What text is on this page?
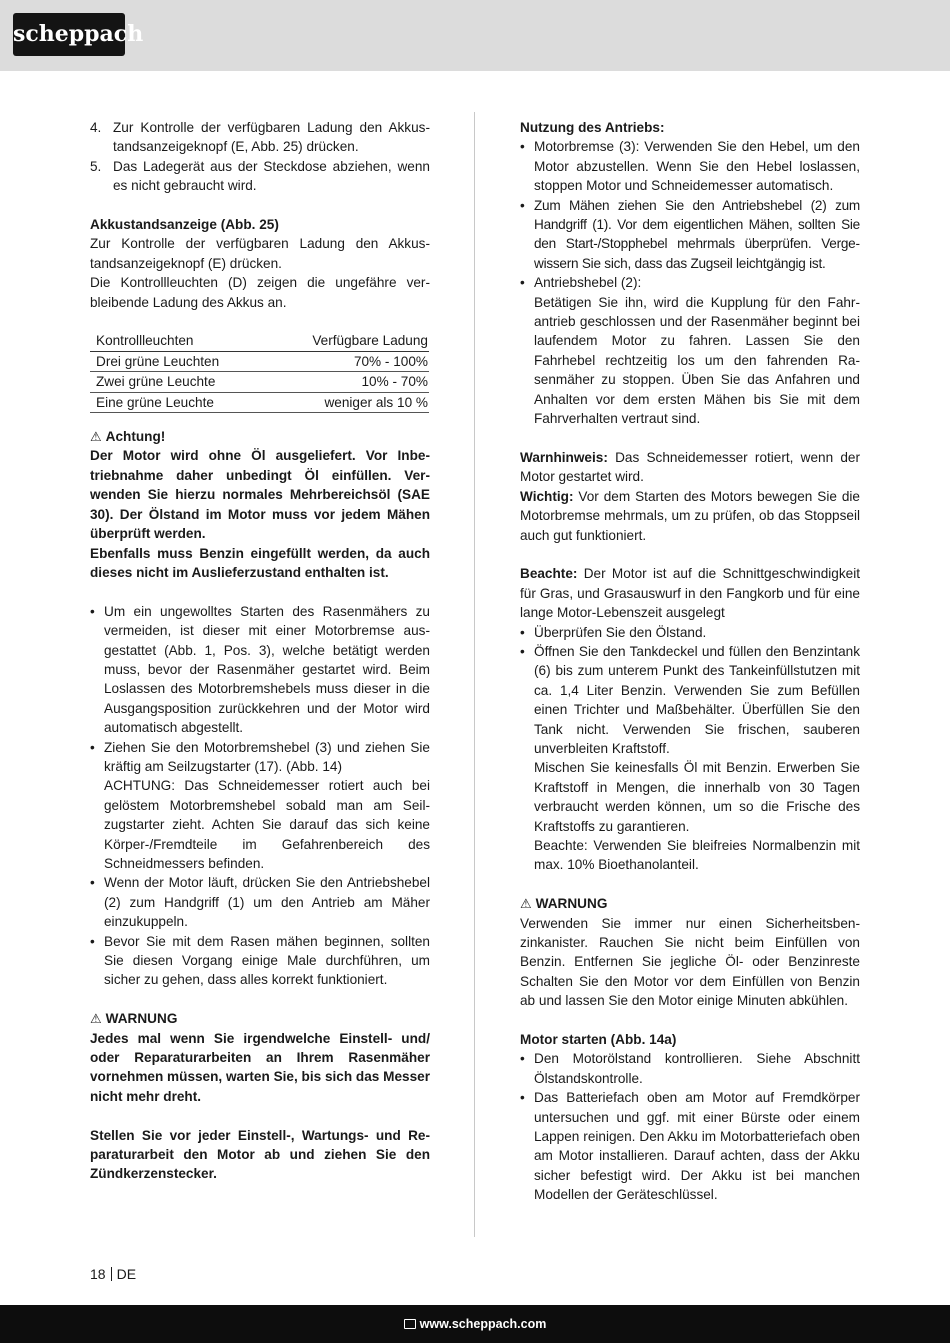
scheppach
4. Zur Kontrolle der verfügbaren Ladung den Akkustandsanzeigeknopf (E, Abb. 25) drücken.
5. Das Ladegerät aus der Steckdose abziehen, wenn es nicht gebraucht wird.

Akkustandsanzeige (Abb. 25)

Zur Kontrolle der verfügbaren Ladung den Akkustandsanzeigeknopf (E) drücken.

Die Kontrollleuchten (D) zeigen die ungefähre verbleibende Ladung des Akkus an.

Kontrollleuchten	Verfügbare Ladung
Drei grüne Leuchten	70% - 100%
Zwei grüne Leuchte	10% - 70%
Eine grüne Leuchte	weniger als 10 %

⚠ Achtung!

Der Motor wird ohne Öl ausgeliefert. Vor Inbetriebnahme daher unbedingt Öl einfüllen. Verwenden Sie hierzu normales Mehrbereichsöl (SAE 30). Der Ölstand im Motor muss vor jedem Mähen überprüft werden.

Ebenfalls muss Benzin eingefüllt werden, da auch dieses nicht im Auslieferzustand enthalten ist.

• Um ein ungewolltes Starten des Rasenmähers zu vermeiden, ist dieser mit einer Motorbremse ausgestattet (Abb. 1, Pos. 3), welche betätigt werden muss, bevor der Rasenmäher gestartet wird. Beim Loslassen des Motorbremshebels muss dieser in die Ausgangsposition zurückkehren und der Motor wird automatisch abgestellt.
• Ziehen Sie den Motorbremshebel (3) und ziehen Sie kräftig am Seilzugstarter (17). (Abb. 14)
ACHTUNG: Das Schneidemesser rotiert auch bei gelöstem Motorbremshebel sobald man am Seilzugstarter zieht. Achten Sie darauf das sich keine Körper-/Fremdteile im Gefahrenbereich des Schneidmessers befinden.
• Wenn der Motor läuft, drücken Sie den Antriebshebel (2) zum Handgriff (1) um den Antrieb am Mäher einzukuppeln.
• Bevor Sie mit dem Rasen mähen beginnen, sollten Sie diesen Vorgang einige Male durchführen, um sicher zu gehen, dass alles korrekt funktioniert.

⚠ WARNUNG

Jedes mal wenn Sie irgendwelche Einstell- und/ oder Reparaturarbeiten an Ihrem Rasenmäher vornehmen müssen, warten Sie, bis sich das Messer nicht mehr dreht.

Stellen Sie vor jeder Einstell-, Wartungs- und Reparaturarbeit den Motor ab und ziehen Sie den Zündkerzenstecker.

Nutzung des Antriebs:

• Motorbremse (3): Verwenden Sie den Hebel, um den Motor abzustellen. Wenn Sie den Hebel loslassen, stoppen Motor und Schneidemesser automatisch.
• Zum Mähen ziehen Sie den Antriebshebel (2) zum Handgriff (1). Vor dem eigentlichen Mähen, sollten Sie den Start-/Stopphebel mehrmals überprüfen. Vergewissern Sie sich, dass das Zugseil leichtgängig ist.
• Antriebshebel (2):
Betätigen Sie ihn, wird die Kupplung für den Fahrantrieb geschlossen und der Rasenmäher beginnt bei laufendem Motor zu fahren. Lassen Sie den Fahrhebel rechtzeitig los um den fahrenden Rasenmäher zu stoppen. Üben Sie das Anfahren und Anhalten vor dem ersten Mähen bis Sie mit dem Fahrverhalten vertraut sind.

Warnhinweis: Das Schneidemesser rotiert, wenn der Motor gestartet wird.

Wichtig: Vor dem Starten des Motors bewegen Sie die Motorbremse mehrmals, um zu prüfen, ob das Stoppseil auch gut funktioniert.

Beachte: Der Motor ist auf die Schnittgeschwindigkeit für Gras, und Grasauswurf in den Fangkorb und für eine lange Motor-Lebenszeit ausgelegt

• Überprüfen Sie den Ölstand.
• Öffnen Sie den Tankdeckel und füllen den Benzintank (6) bis zum unterem Punkt des Tankeinfüllstutzen mit ca. 1,4 Liter Benzin. Verwenden Sie zum Befüllen einen Trichter und Maßbehälter. Überfüllen Sie den Tank nicht. Verwenden Sie frischen, sauberen unverbleiten Kraftstoff.
Mischen Sie keinesfalls Öl mit Benzin. Erwerben Sie Kraftstoff in Mengen, die innerhalb von 30 Tagen verbraucht werden können, um so die Frische des Kraftstoffs zu garantieren.
Beachte: Verwenden Sie bleifreies Normalbenzin mit max. 10% Bioethanolanteil.

⚠ WARNUNG

Verwenden Sie immer nur einen Sicherheitsbenzinkanister. Rauchen Sie nicht beim Einfüllen von Benzin. Entfernen Sie jegliche Öl- oder Benzinreste Schalten Sie den Motor vor dem Einfüllen von Benzin ab und lassen Sie den Motor einige Minuten abkühlen.

Motor starten (Abb. 14a)

• Den Motorölstand kontrollieren. Siehe Abschnitt Ölstandskontrolle.
• Das Batteriefach oben am Motor auf Fremdkörper untersuchen und ggf. mit einer Bürste oder einem Lappen reinigen. Den Akku im Motorbatteriefach oben am Motor installieren. Darauf achten, dass der Akku sicher befestigt wird. Der Akku ist bei manchen Modellen der Geräteschlüssel.
18 DE
www.scheppach.com
